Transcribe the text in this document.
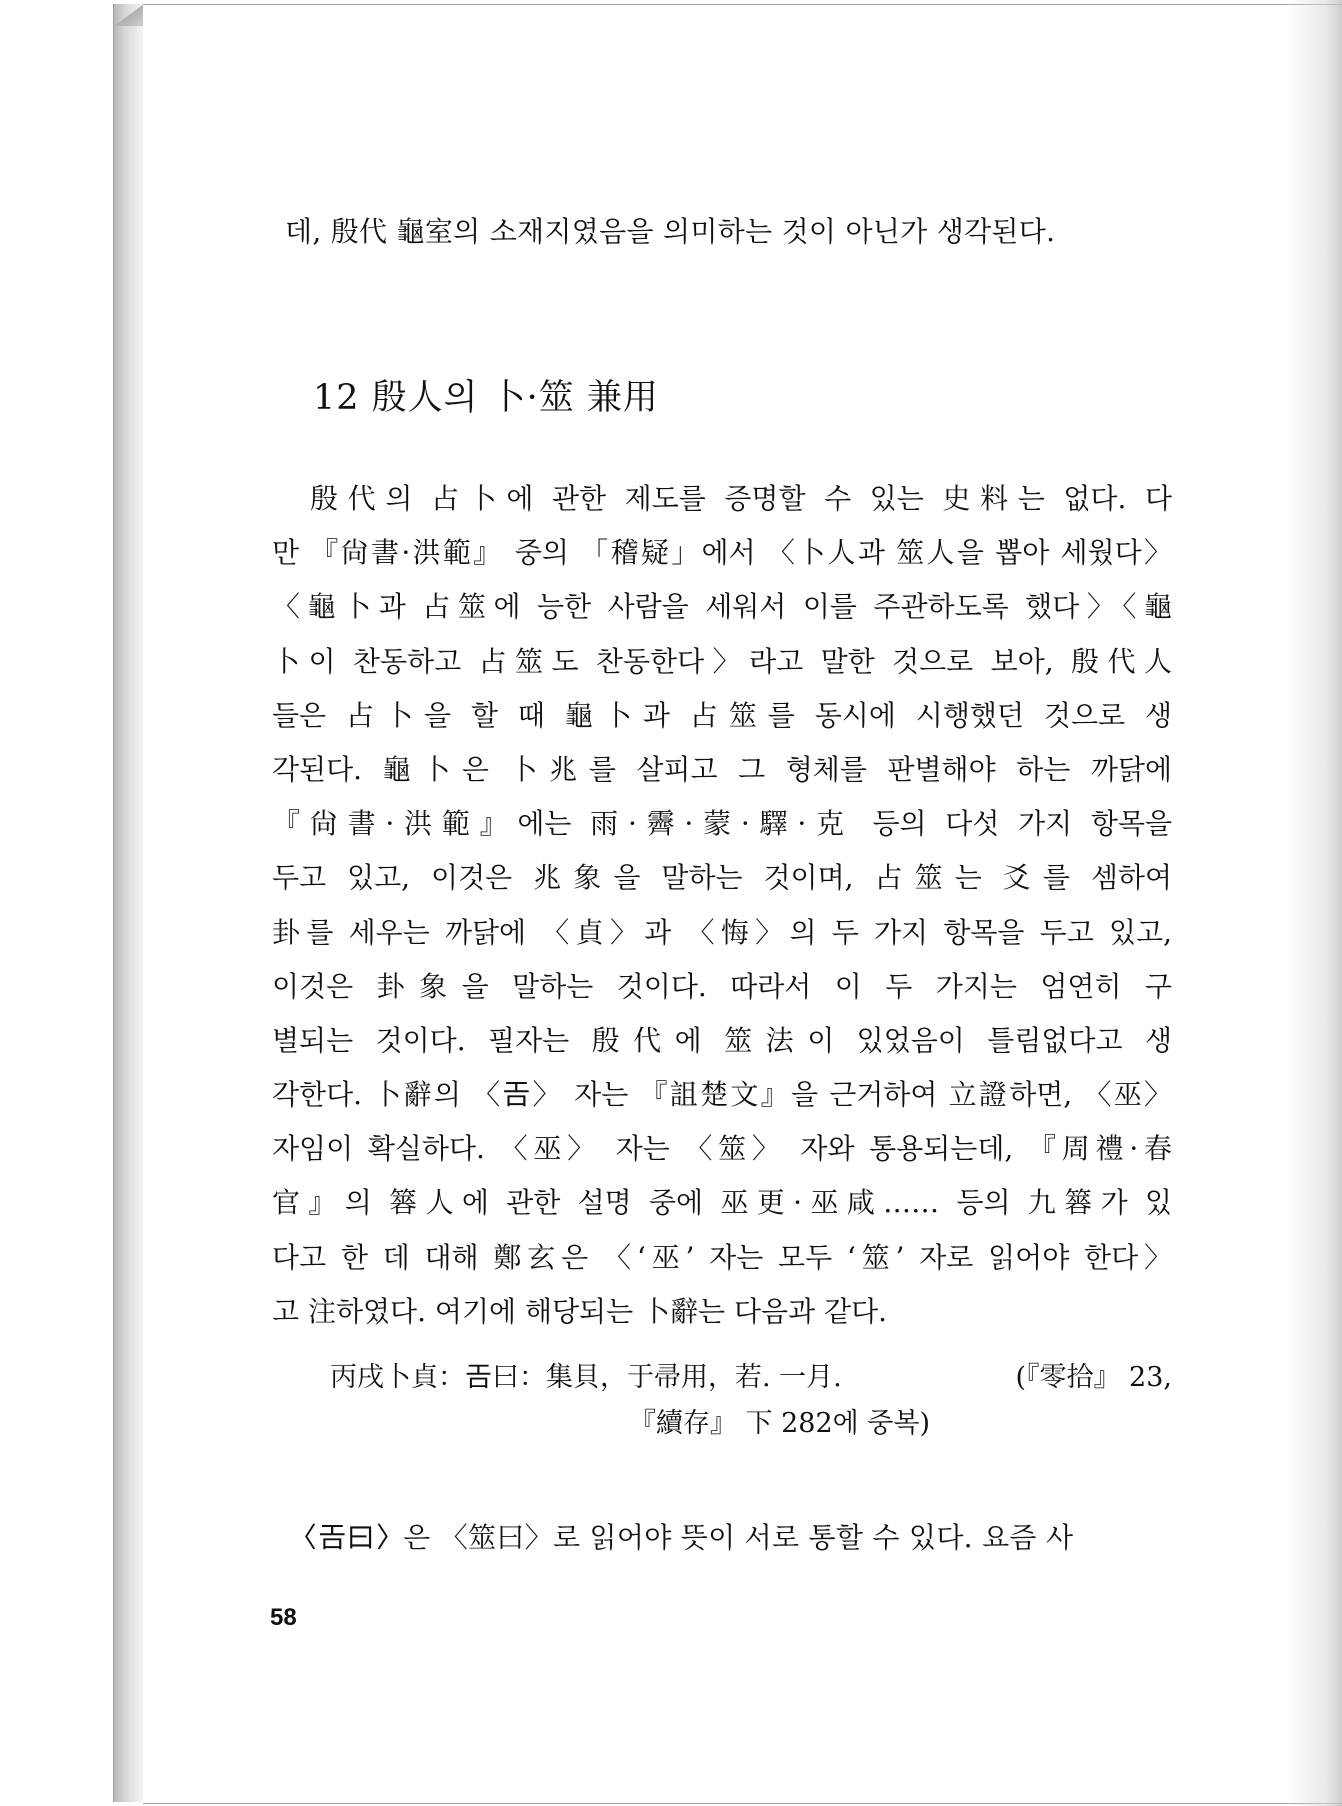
데, 殷代 龜室의 소재지였음을 의미하는 것이 아닌가 생각된다.
12 殷人의 卜·筮 兼用
殷代의 占卜에 관한 제도를 증명할 수 있는 史料는 없다. 다
만 『尙書·洪範』 중의 「稽疑」에서 〈卜人과 筮人을 뽑아 세웠다〉
〈龜卜과 占筮에 능한 사람을 세워서 이를 주관하도록 했다〉〈龜
卜이 찬동하고 占筮도 찬동한다〉라고 말한 것으로 보아, 殷代人
들은 占卜을 할 때 龜卜과 占筮를 동시에 시행했던 것으로 생
각된다. 龜卜은 卜兆를 살피고 그 형체를 판별해야 하는 까닭에
『尙書·洪範』에는 雨·霽·蒙·驛·克 등의 다섯 가지 항목을
두고 있고, 이것은 兆象을 말하는 것이며, 占筮는 爻를 셈하여
卦를 세우는 까닭에 〈貞〉과 〈悔〉의 두 가지 항목을 두고 있고,
이것은 卦象을 말하는 것이다. 따라서 이 두 가지는 엄연히 구
별되는 것이다. 필자는 殷代에 筮法이 있었음이 틀림없다고 생
각한다. 卜辭의 〈𢀛〉 자는 『詛楚文』을 근거하여 立證하면, 〈巫〉
자임이 확실하다. 〈巫〉 자는 〈筮〉 자와 통용되는데, 『周禮·春
官』의 簭人에 관한 설명 중에 巫更·巫咸…… 등의 九簭가 있
다고 한 데 대해 鄭玄은 〈‘巫’ 자는 모두 ‘筮’ 자로 읽어야 한다〉
고 注하였다. 여기에 해당되는 卜辭는 다음과 같다.
丙戌卜貞：𢀛曰：集貝，于帚用，若. 一月.	(『零拾』 23,
『續存』 下 282에 중복)
〈𢀛曰〉은 〈筮曰〉로 읽어야 뜻이 서로 통할 수 있다. 요즘 사
58
